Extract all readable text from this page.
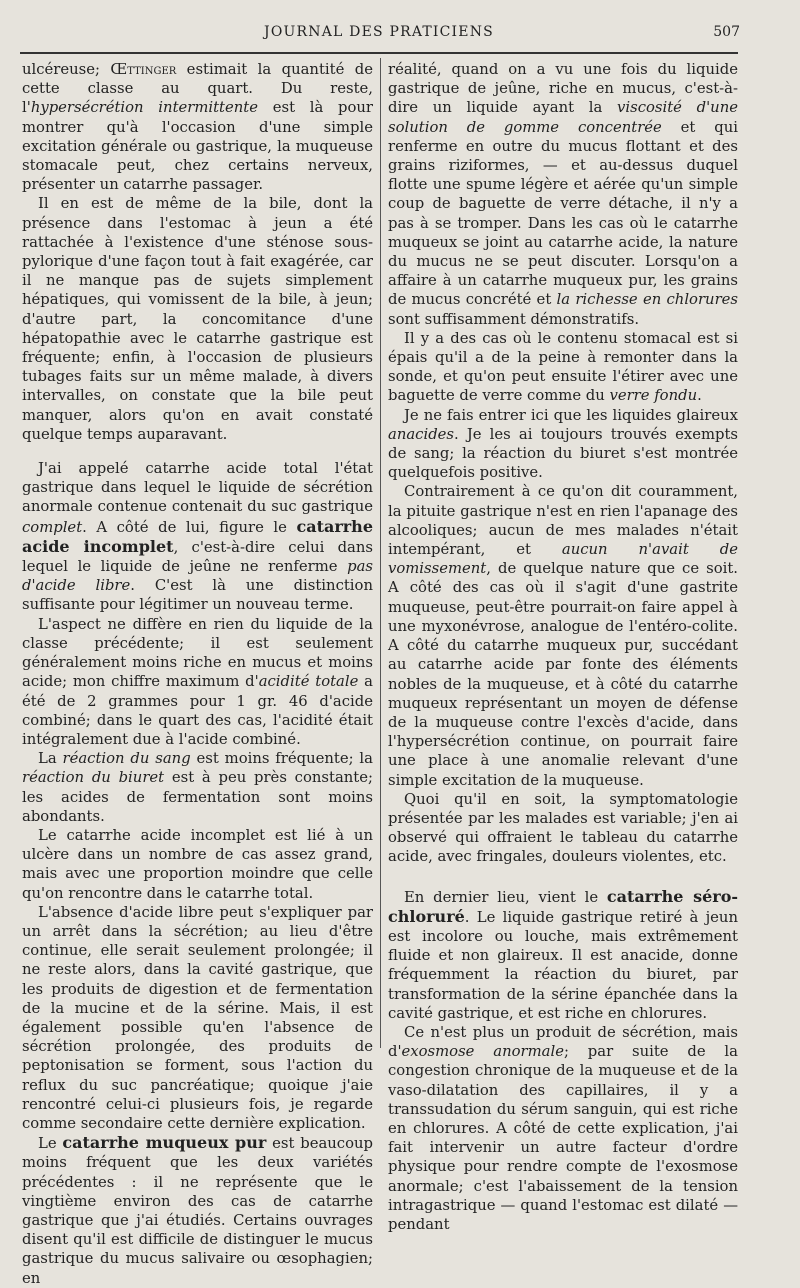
JOURNAL DES PRATICIENS	507

ulcéreuse; Œttinger estimait la quantité de cette classe au quart. Du reste, l'hypersécrétion intermittente est là pour montrer qu'à l'occasion d'une simple excitation générale ou gastrique, la muqueuse stomacale peut, chez certains nerveux, présenter un catarrhe passager.

Il en est de même de la bile, dont la présence dans l'estomac à jeun a été rattachée à l'existence d'une sténose sous-pylorique d'une façon tout à fait exagérée, car il ne manque pas de sujets simplement hépatiques, qui vomissent de la bile, à jeun; d'autre part, la concomitance d'une hépatopathie avec le catarrhe gastrique est fréquente; enfin, à l'occasion de plusieurs tubages faits sur un même malade, à divers intervalles, on constate que la bile peut manquer, alors qu'on en avait constaté quelque temps auparavant.

J'ai appelé catarrhe acide total l'état gastrique dans lequel le liquide de sécrétion anormale contenue contenait du suc gastrique complet. A côté de lui, figure le catarrhe acide incomplet, c'est-à-dire celui dans lequel le liquide de jeûne ne renferme pas d'acide libre. C'est là une distinction suffisante pour légitimer un nouveau terme.

L'aspect ne diffère en rien du liquide de la classe précédente; il est seulement généralement moins riche en mucus et moins acide; mon chiffre maximum d'acidité totale a été de 2 grammes pour 1 gr. 46 d'acide combiné; dans le quart des cas, l'acidité était intégralement due à l'acide combiné.

La réaction du sang est moins fréquente; la réaction du biuret est à peu près constante; les acides de fermentation sont moins abondants.

Le catarrhe acide incomplet est lié à un ulcère dans un nombre de cas assez grand, mais avec une proportion moindre que celle qu'on rencontre dans le catarrhe total.

L'absence d'acide libre peut s'expliquer par un arrêt dans la sécrétion; au lieu d'être continue, elle serait seulement prolongée; il ne reste alors, dans la cavité gastrique, que les produits de digestion et de fermentation de la mucine et de la sérine. Mais, il est également possible qu'en l'absence de sécrétion prolongée, des produits de peptonisation se forment, sous l'action du reflux du suc pancréatique; quoique j'aie rencontré celui-ci plusieurs fois, je regarde comme secondaire cette dernière explication.

Le catarrhe muqueux pur est beaucoup moins fréquent que les deux variétés précédentes : il ne représente que le vingtième environ des cas de catarrhe gastrique que j'ai étudiés. Certains ouvrages disent qu'il est difficile de distinguer le mucus gastrique du mucus salivaire ou œsophagien; en

réalité, quand on a vu une fois du liquide gastrique de jeûne, riche en mucus, c'est-à-dire un liquide ayant la viscosité d'une solution de gomme concentrée et qui renferme en outre du mucus flottant et des grains riziformes, — et au-dessus duquel flotte une spume légère et aérée qu'un simple coup de baguette de verre détache, il n'y a pas à se tromper. Dans les cas où le catarrhe muqueux se joint au catarrhe acide, la nature du mucus ne se peut discuter. Lorsqu'on a affaire à un catarrhe muqueux pur, les grains de mucus concrété et la richesse en chlorures sont suffisamment démonstratifs.

Il y a des cas où le contenu stomacal est si épais qu'il a de la peine à remonter dans la sonde, et qu'on peut ensuite l'étirer avec une baguette de verre comme du verre fondu.

Je ne fais entrer ici que les liquides glaireux anacides. Je les ai toujours trouvés exempts de sang; la réaction du biuret s'est montrée quelquefois positive.

Contrairement à ce qu'on dit couramment, la pituite gastrique n'est en rien l'apanage des alcooliques; aucun de mes malades n'était intempérant, et aucun n'avait de vomissement, de quelque nature que ce soit. A côté des cas où il s'agit d'une gastrite muqueuse, peut-être pourrait-on faire appel à une myxonévrose, analogue de l'entéro-colite. A côté du catarrhe muqueux pur, succédant au catarrhe acide par fonte des éléments nobles de la muqueuse, et à côté du catarrhe muqueux représentant un moyen de défense de la muqueuse contre l'excès d'acide, dans l'hypersécrétion continue, on pourrait faire une place à une anomalie relevant d'une simple excitation de la muqueuse.

Quoi qu'il en soit, la symptomatologie présentée par les malades est variable; j'en ai observé qui offraient le tableau du catarrhe acide, avec fringales, douleurs violentes, etc.

En dernier lieu, vient le catarrhe séro-chloruré. Le liquide gastrique retiré à jeun est incolore ou louche, mais extrêmement fluide et non glaireux. Il est anacide, donne fréquemment la réaction du biuret, par transformation de la sérine épanchée dans la cavité gastrique, et est riche en chlorures.

Ce n'est plus un produit de sécrétion, mais d'exosmose anormale; par suite de la congestion chronique de la muqueuse et de la vaso-dilatation des capillaires, il y a transsudation du sérum sanguin, qui est riche en chlorures. A côté de cette explication, j'ai fait intervenir un autre facteur d'ordre physique pour rendre compte de l'exosmose anormale; c'est l'abaissement de la tension intragastrique — quand l'estomac est dilaté — pendant
